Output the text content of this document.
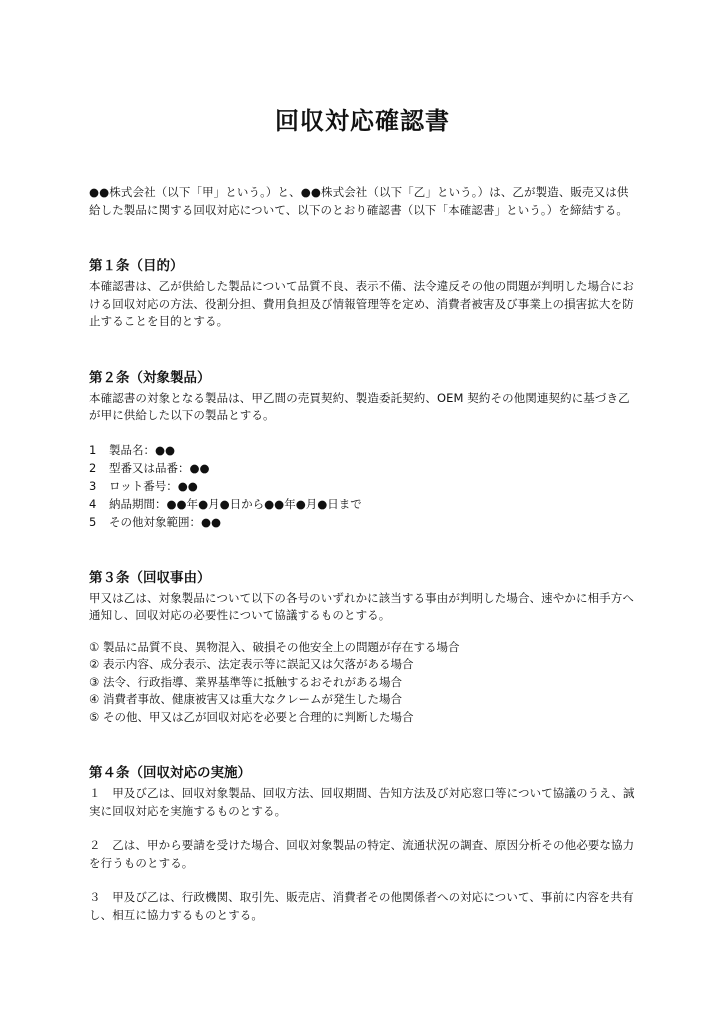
回収対応確認書

●●株式会社（以下「甲」という。）と、●●株式会社（以下「乙」という。）は、乙が製造、販売又は供給した製品に関する回収対応について、以下のとおり確認書（以下「本確認書」という。）を締結する。

第１条（目的）

本確認書は、乙が供給した製品について品質不良、表示不備、法令違反その他の問題が判明した場合における回収対応の方法、役割分担、費用負担及び情報管理等を定め、消費者被害及び事業上の損害拡大を防止することを目的とする。

第２条（対象製品）

本確認書の対象となる製品は、甲乙間の売買契約、製造委託契約、OEM 契約その他関連契約に基づき乙が甲に供給した以下の製品とする。

1	製品名：●●
2	型番又は品番：●●
3	ロット番号：●●
4	納品期間：●●年●月●日から●●年●月●日まで
5	その他対象範囲：●●
第３条（回収事由）

甲又は乙は、対象製品について以下の各号のいずれかに該当する事由が判明した場合、速やかに相手方へ通知し、回収対応の必要性について協議するものとする。

① 製品に品質不良、異物混入、破損その他安全上の問題が存在する場合
② 表示内容、成分表示、法定表示等に誤記又は欠落がある場合
③ 法令、行政指導、業界基準等に抵触するおそれがある場合
④ 消費者事故、健康被害又は重大なクレームが発生した場合
⑤ その他、甲又は乙が回収対応を必要と合理的に判断した場合
第４条（回収対応の実施）

１　甲及び乙は、回収対象製品、回収方法、回収期間、告知方法及び対応窓口等について協議のうえ、誠実に回収対応を実施するものとする。

２　乙は、甲から要請を受けた場合、回収対象製品の特定、流通状況の調査、原因分析その他必要な協力を行うものとする。

３　甲及び乙は、行政機関、取引先、販売店、消費者その他関係者への対応について、事前に内容を共有し、相互に協力するものとする。
